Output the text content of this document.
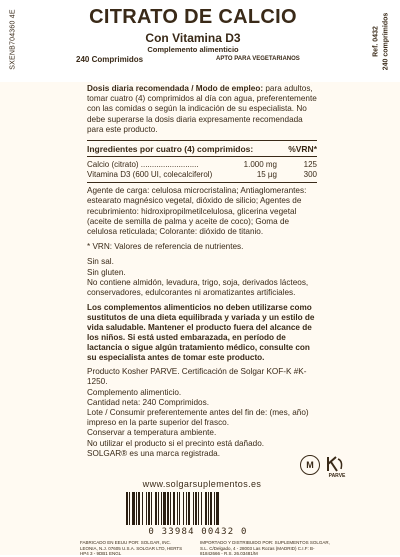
SXENB704360 4E	CITRATO DE CALCIO
Con Vitamina D3
Complemento alimenticio
240 Comprimidos	APTO PARA VEGETARIANOS
Ref. 0432 240 comprimidos

Dosis diaria recomendada / Modo de empleo: para adultos, tomar cuatro (4) comprimidos al día con agua, preferentemente con las comidas o según la indicación de su especialista. No debe superarse la dosis diaria expresamente recomendada para este producto.

Ingredientes por cuatro (4) comprimidos:	%VRN*
Calcio (citrato) ..........................	1.000 mg	125
Vitamina D3 (600 UI, colecalciferol)	15 µg	300

Agente de carga: celulosa microcristalina; Antiaglomerantes: estearato magnésico vegetal, dióxido de silicio; Agentes de recubrimiento: hidroxipropilmetilcelulosa, glicerina vegetal (aceite de semilla de palma y aceite de coco); Goma de celulosa reticulada; Colorante: dióxido de titanio.

* VRN: Valores de referencia de nutrientes.

Sin sal.
Sin gluten.
No contiene almidón, levadura, trigo, soja, derivados lácteos, conservadores, edulcorantes ni aromatizantes artificiales.

Los complementos alimenticios no deben utilizarse como sustitutos de una dieta equilibrada y variada y un estilo de vida saludable. Mantener el producto fuera del alcance de los niños. Si está usted embarazada, en período de lactancia o sigue algún tratamiento médico, consulte con su especialista antes de tomar este producto.

Producto Kosher PARVE. Certificación de Solgar KOF-K #K-1250.

Complemento alimenticio.

Cantidad neta: 240 Comprimidos.

Lote / Consumir preferentemente antes del fin de: (mes, año) impreso en la parte superior del frasco.

Conservar a temperatura ambiente.

No utilizar el producto si el precinto está dañado.

SOLGAR® es una marca registrada.

M
PARVE
www.solgarsuplementos.es
0 33984 00432 0
FABRICADO EN EEUU POR: SOLGAR, INC. LEONIA, N.J. 07605 U.S.A. SOLGAR LTD, HERTS HP4 3 - 9DB1 ENGL
IMPORTADO Y DISTRIBUIDO POR: SUPLEMENTOS SOLGAR, S.L. C/Delgado, 4 - 28003 Las Rozas (MADRID) C.I.F: B-81842666 - R.S. 26.03481/M
